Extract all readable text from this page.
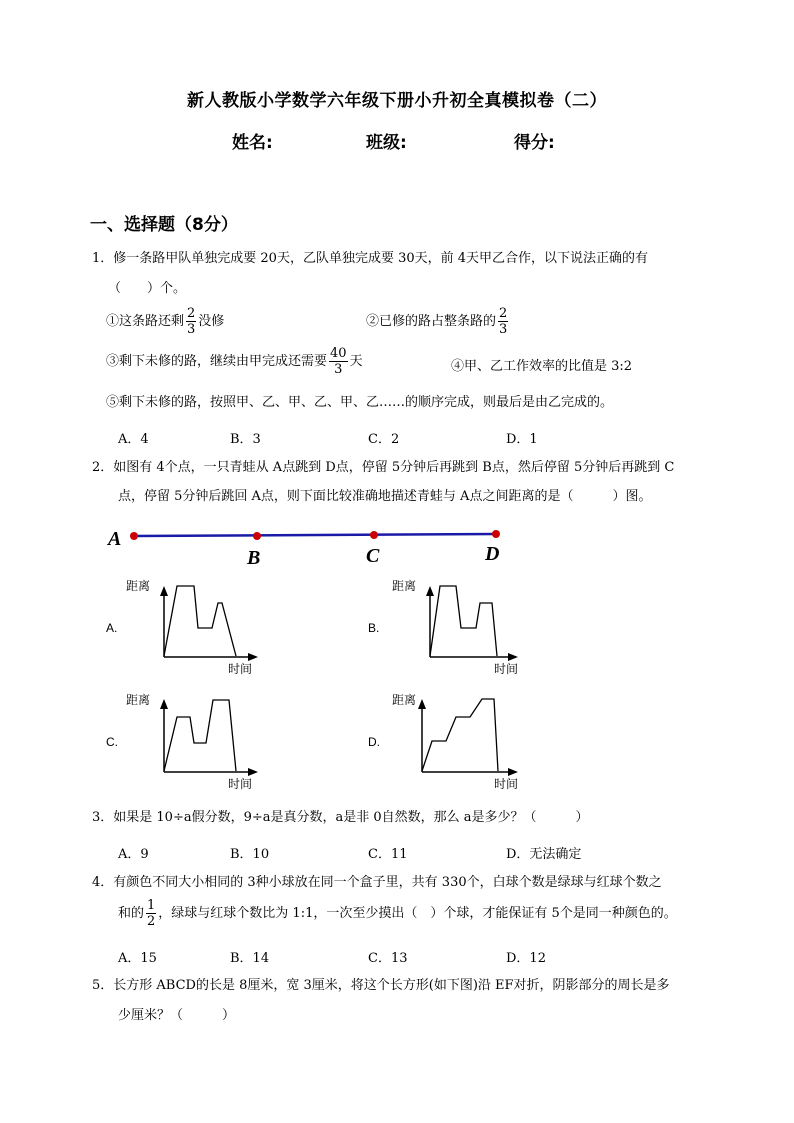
新人教版小学数学六年级下册小升初全真模拟卷（二）
姓名:	班级:	得分:
一、选择题（8分）
1．修一条路甲队单独完成要 20天，乙队单独完成要 30天，前 4天甲乙合作，以下说法正确的有
（　　）个。
①这条路还剩 $\frac{2}{3}$ 没修	②已修的路占整条路的 $\frac{2}{3}$
③剩下未修的路，继续由甲完成还需要 $\frac{40}{3}$ 天	④甲、乙工作效率的比值是 3:2
⑤剩下未修的路，按照甲、乙、甲、乙、甲、乙……的顺序完成，则最后是由乙完成的。
A．4	B．3	C．2	D．1
2．如图有 4个点，一只青蛙从 A点跳到 D点，停留 5分钟后再跳到 B点，然后停留 5分钟后再跳到 C
点，停留 5分钟后跳回 A点，则下面比较准确地描述青蛙与 A点之间距离的是（　　　）图。
A
B	C	D
距离
时间
A.
距离
时间
B.
距离
时间
C.
距离
时间
D.
3．如果是 10÷a假分数，9÷a是真分数，a是非 0自然数，那么 a是多少？（　　　）
A．9	B．10	C．11	D．无法确定
4．有颜色不同大小相同的 3种小球放在同一个盒子里，共有 330个，白球个数是绿球与红球个数之
和的 $\frac{1}{2}$ ，绿球与红球个数比为 1:1，一次至少摸出（　）个球，才能保证有 5个是同一种颜色的。
A．15	B．14	C．13	D．12
5．长方形 ABCD的长是 8厘米，宽 3厘米，将这个长方形(如下图)沿 EF对折，阴影部分的周长是多
少厘米？（　　　）
